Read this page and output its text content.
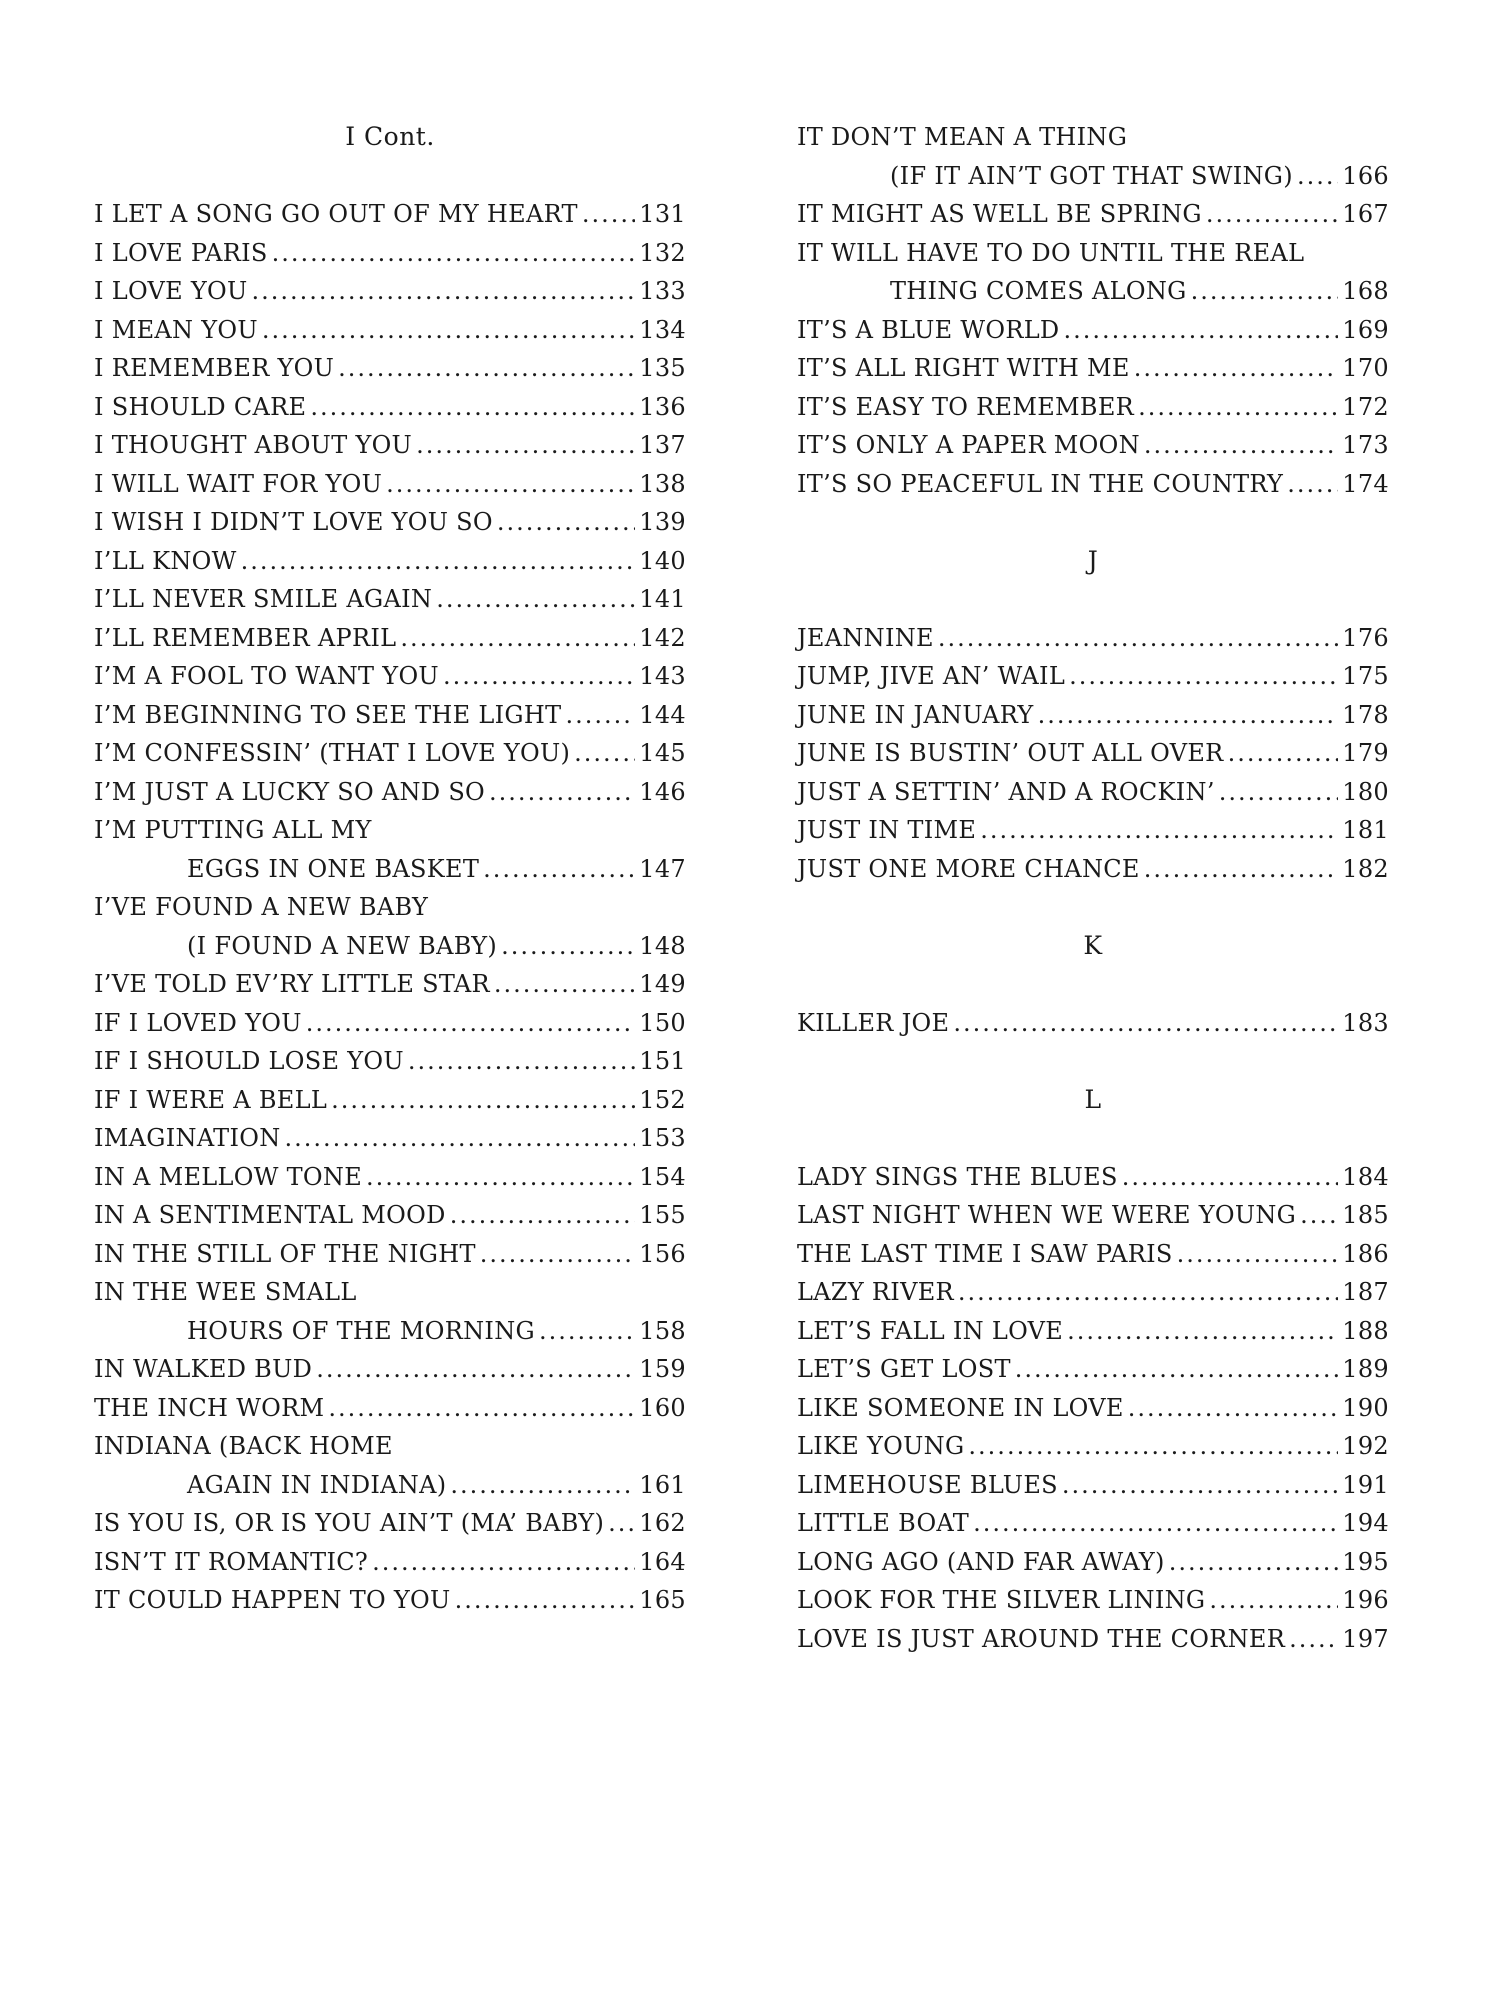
I Cont.
I LET A SONG GO OUT OF MY HEART .....	131
I LOVE PARIS .....	132
I LOVE YOU .....	133
I MEAN YOU .....	134
I REMEMBER YOU .....	135
I SHOULD CARE .....	136
I THOUGHT ABOUT YOU .....	137
I WILL WAIT FOR YOU .....	138
I WISH I DIDN’T LOVE YOU SO .....	139
I’LL KNOW .....	140
I’LL NEVER SMILE AGAIN .....	141
I’LL REMEMBER APRIL .....	142
I’M A FOOL TO WANT YOU .....	143
I’M BEGINNING TO SEE THE LIGHT .....	144
I’M CONFESSIN’ (THAT I LOVE YOU) .....	145
I’M JUST A LUCKY SO AND SO .....	146
I’M PUTTING ALL MY
EGGS IN ONE BASKET .....	147
I’VE FOUND A NEW BABY
(I FOUND A NEW BABY) .....	148
I’VE TOLD EV’RY LITTLE STAR .....	149
IF I LOVED YOU .....	150
IF I SHOULD LOSE YOU .....	151
IF I WERE A BELL .....	152
IMAGINATION .....	153
IN A MELLOW TONE .....	154
IN A SENTIMENTAL MOOD .....	155
IN THE STILL OF THE NIGHT .....	156
IN THE WEE SMALL
HOURS OF THE MORNING .....	158
IN WALKED BUD .....	159
THE INCH WORM .....	160
INDIANA (BACK HOME
AGAIN IN INDIANA) .....	161
IS YOU IS, OR IS YOU AIN’T (MA’ BABY) ..... 162
ISN’T IT ROMANTIC? .....	164
IT COULD HAPPEN TO YOU .....	165
IT DON’T MEAN A THING
(IF IT AIN’T GOT THAT SWING) ..... 166
IT MIGHT AS WELL BE SPRING .....	167
IT WILL HAVE TO DO UNTIL THE REAL
THING COMES ALONG .....	168
IT’S A BLUE WORLD .....	169
IT’S ALL RIGHT WITH ME .....	170
IT’S EASY TO REMEMBER .....	172
IT’S ONLY A PAPER MOON .....	173
IT’S SO PEACEFUL IN THE COUNTRY ..... 174
J
JEANNINE .....	176
JUMP, JIVE AN’ WAIL .....	175
JUNE IN JANUARY .....	178
JUNE IS BUSTIN’ OUT ALL OVER .....	179
JUST A SETTIN’ AND A ROCKIN’ .....	180
JUST IN TIME .....	181
JUST ONE MORE CHANCE .....	182
K
KILLER JOE .....	183
L
LADY SINGS THE BLUES .....	184
LAST NIGHT WHEN WE WERE YOUNG ..... 185
THE LAST TIME I SAW PARIS .....	186
LAZY RIVER .....	187
LET’S FALL IN LOVE .....	188
LET’S GET LOST .....	189
LIKE SOMEONE IN LOVE .....	190
LIKE YOUNG .....	192
LIMEHOUSE BLUES .....	191
LITTLE BOAT .....	194
LONG AGO (AND FAR AWAY) .....	195
LOOK FOR THE SILVER LINING .....	196
LOVE IS JUST AROUND THE CORNER ..... 197
